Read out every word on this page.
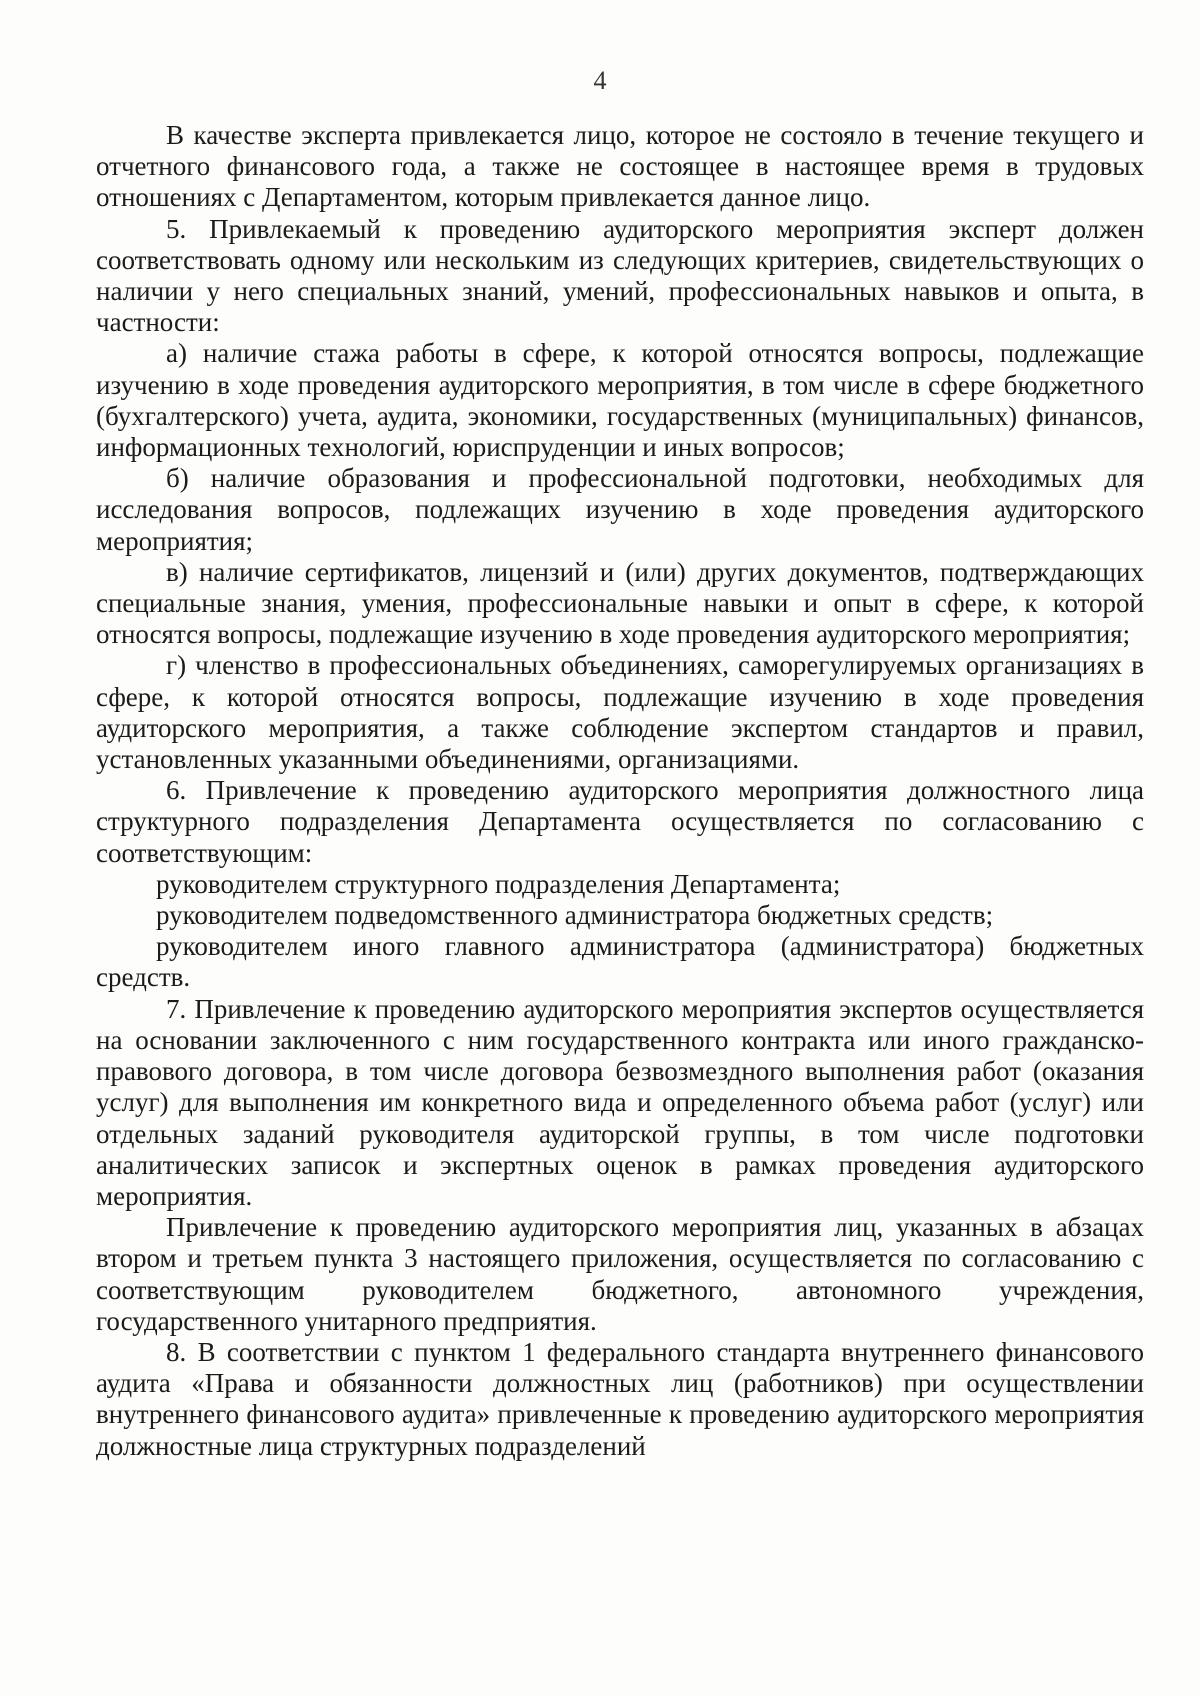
4

В качестве эксперта привлекается лицо, которое не состояло в течение текущего и отчетного финансового года, а также не состоящее в настоящее время в трудовых отношениях с Департаментом, которым привлекается данное лицо.

5. Привлекаемый к проведению аудиторского мероприятия эксперт должен соответствовать одному или нескольким из следующих критериев, свидетельствующих о наличии у него специальных знаний, умений, профессиональных навыков и опыта, в частности:

а) наличие стажа работы в сфере, к которой относятся вопросы, подлежащие изучению в ходе проведения аудиторского мероприятия, в том числе в сфере бюджетного (бухгалтерского) учета, аудита, экономики, государственных (муниципальных) финансов, информационных технологий, юриспруденции и иных вопросов;

б) наличие образования и профессиональной подготовки, необходимых для исследования вопросов, подлежащих изучению в ходе проведения аудиторского мероприятия;

в) наличие сертификатов, лицензий и (или) других документов, подтверждающих специальные знания, умения, профессиональные навыки и опыт в сфере, к которой относятся вопросы, подлежащие изучению в ходе проведения аудиторского мероприятия;

г) членство в профессиональных объединениях, саморегулируемых организациях в сфере, к которой относятся вопросы, подлежащие изучению в ходе проведения аудиторского мероприятия, а также соблюдение экспертом стандартов и правил, установленных указанными объединениями, организациями.

6. Привлечение к проведению аудиторского мероприятия должностного лица структурного подразделения Департамента осуществляется по согласованию с соответствующим:

руководителем структурного подразделения Департамента;

руководителем подведомственного администратора бюджетных средств;

руководителем иного главного администратора (администратора) бюджетных средств.

7. Привлечение к проведению аудиторского мероприятия экспертов осуществляется на основании заключенного с ним государственного контракта или иного гражданско-правового договора, в том числе договора безвозмездного выполнения работ (оказания услуг) для выполнения им конкретного вида и определенного объема работ (услуг) или отдельных заданий руководителя аудиторской группы, в том числе подготовки аналитических записок и экспертных оценок в рамках проведения аудиторского мероприятия.

Привлечение к проведению аудиторского мероприятия лиц, указанных в абзацах втором и третьем пункта 3 настоящего приложения, осуществляется по согласованию с соответствующим руководителем бюджетного, автономного учреждения, государственного унитарного предприятия.

8. В соответствии с пунктом 1 федерального стандарта внутреннего финансового аудита «Права и обязанности должностных лиц (работников) при осуществлении внутреннего финансового аудита» привлеченные к проведению аудиторского мероприятия должностные лица структурных подразделений
